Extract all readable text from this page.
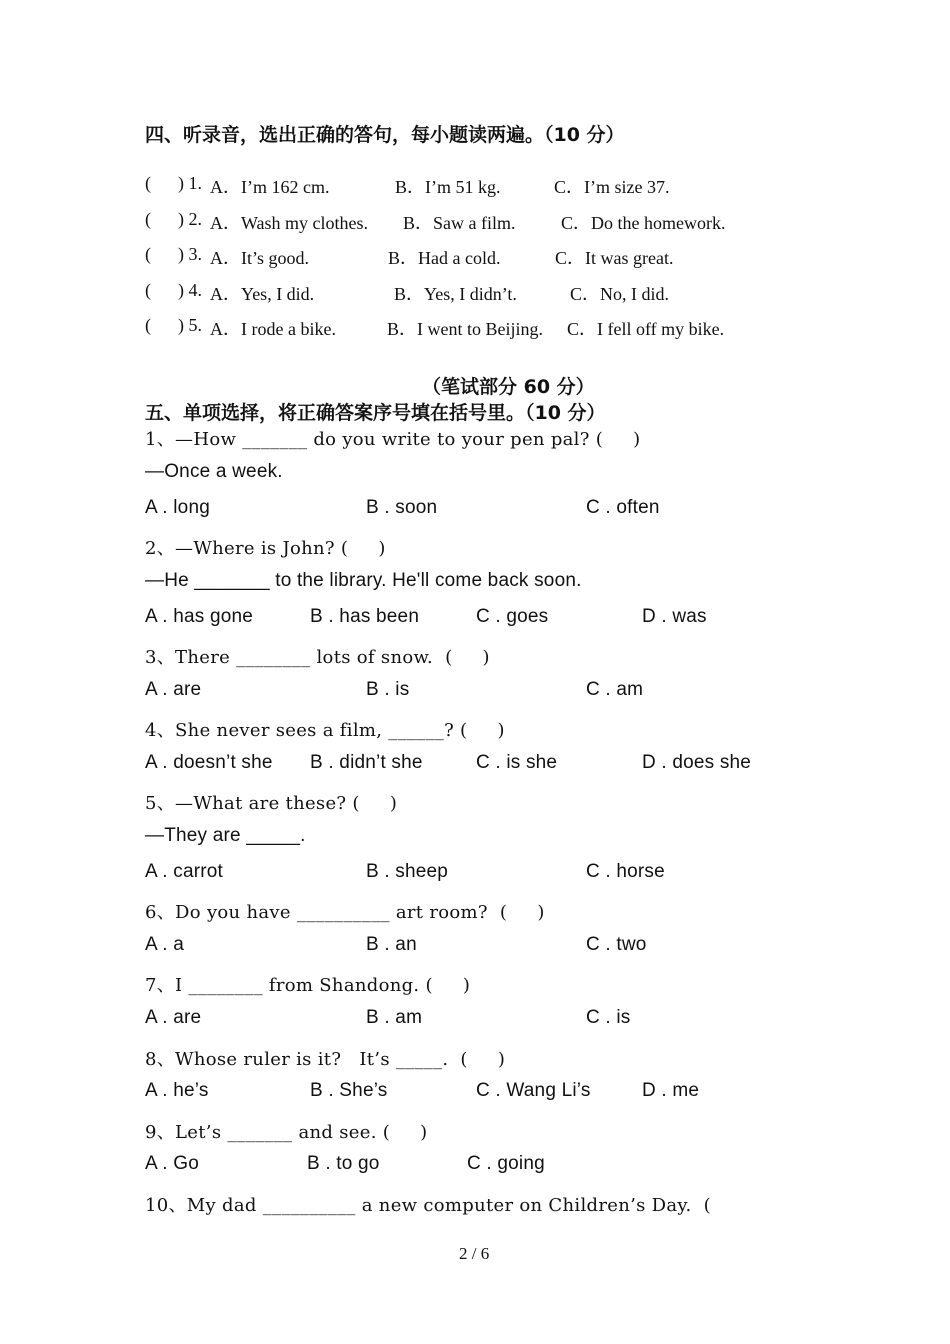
四、听录音，选出正确的答句，每小题读两遍。（10 分）
(      ) 1. A．I’m 162 cm.	B．I’m 51 kg.	C．I’m size 37.
(      ) 2. A．Wash my clothes. B．Saw a film.	C．Do the homework.
(      ) 3. A．It’s good.	B．Had a cold.	C．It was great.
(      ) 4. A．Yes, I did.	B．Yes, I didn’t.	C．No, I did.
(      ) 5. A．I rode a bike.	B．I went to Beijing. C．I fell off my bike.
（笔试部分 60 分）
五、单项选择，将正确答案序号填在括号里。（10 分）
1、—How _______ do you write to your pen pal? (     )
—Once a week.
A . long	B . soon	C . often
2、—Where is John? (     )
—He _______ to the library. He'll come back soon.
A . has gone	B . has been	C . goes	D . was
3、There ________ lots of snow.  (     )
A . are	B . is	C . am
4、She never sees a film, ______? (     )
A . doesn’t she B . didn’t she	C . is she	D . does she
5、—What are these? (     )
—They are _____.
A . carrot	B . sheep	C . horse
6、Do you have __________ art room?  (     )
A . a	B . an	C . two
7、I ________ from Shandong. (     )
A . are	B . am	C . is
8、Whose ruler is it?   It’s _____.  (     )
A . he’s	B . She’s	C . Wang Li’s	D . me
9、Let’s _______ and see. (     )
A . Go	B . to go	C . going
10、My dad __________ a new computer on Children’s Day.  (
2 / 6
